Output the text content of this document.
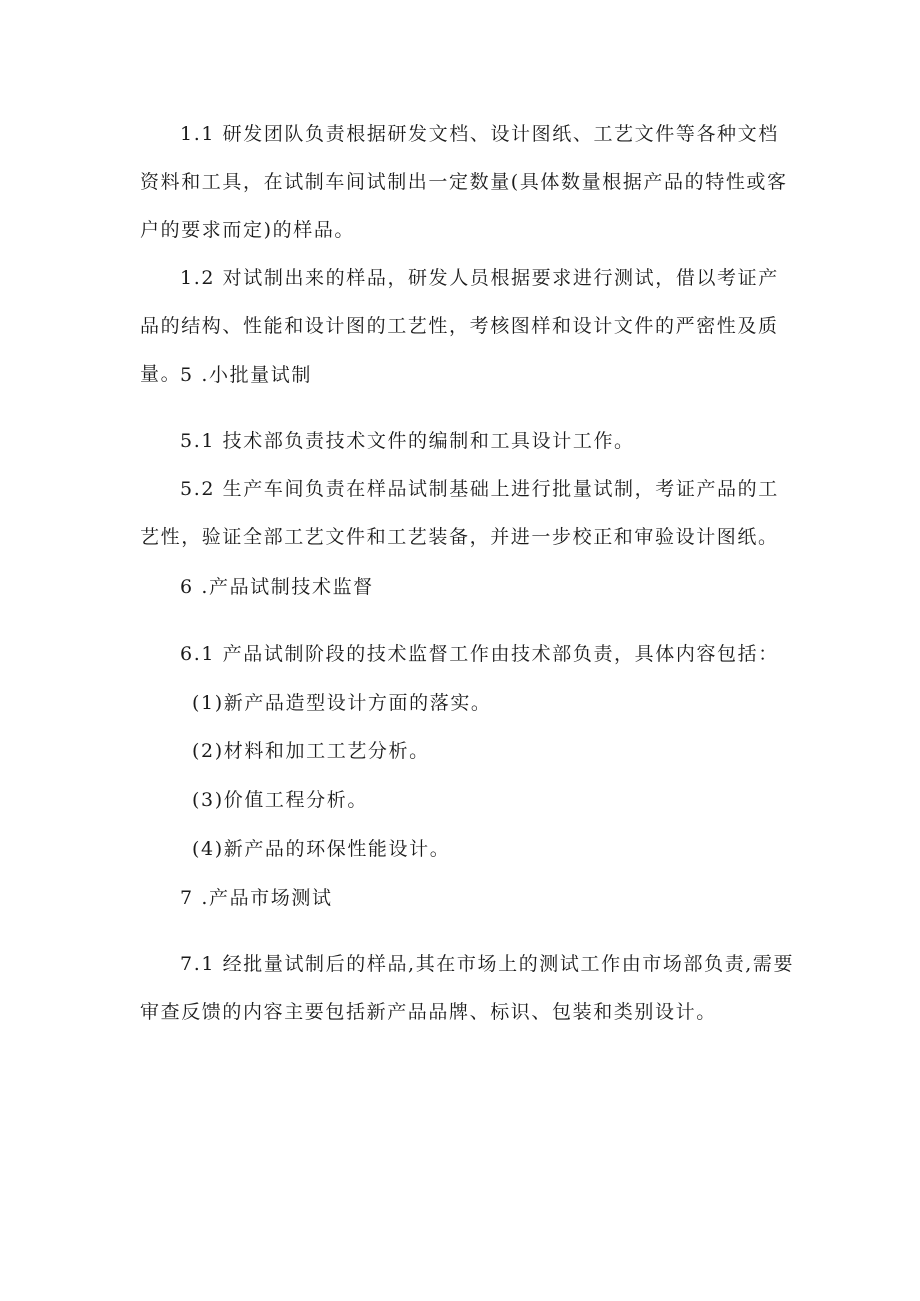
1.1 研发团队负责根据研发文档、设计图纸、工艺文件等各种文档资料和工具，在试制车间试制出一定数量(具体数量根据产品的特性或客户的要求而定)的样品。

1.2 对试制出来的样品，研发人员根据要求进行测试，借以考证产品的结构、性能和设计图的工艺性，考核图样和设计文件的严密性及质量。

5 .小批量试制

5.1 技术部负责技术文件的编制和工具设计工作。

5.2 生产车间负责在样品试制基础上进行批量试制，考证产品的工艺性，验证全部工艺文件和工艺装备，并进一步校正和审验设计图纸。

6 .产品试制技术监督

6.1 产品试制阶段的技术监督工作由技术部负责，具体内容包括：

(1)新产品造型设计方面的落实。

(2)材料和加工工艺分析。

(3)价值工程分析。

(4)新产品的环保性能设计。

7 .产品市场测试

7.1 经批量试制后的样品,其在市场上的测试工作由市场部负责,需要审查反馈的内容主要包括新产品品牌、标识、包装和类别设计。
